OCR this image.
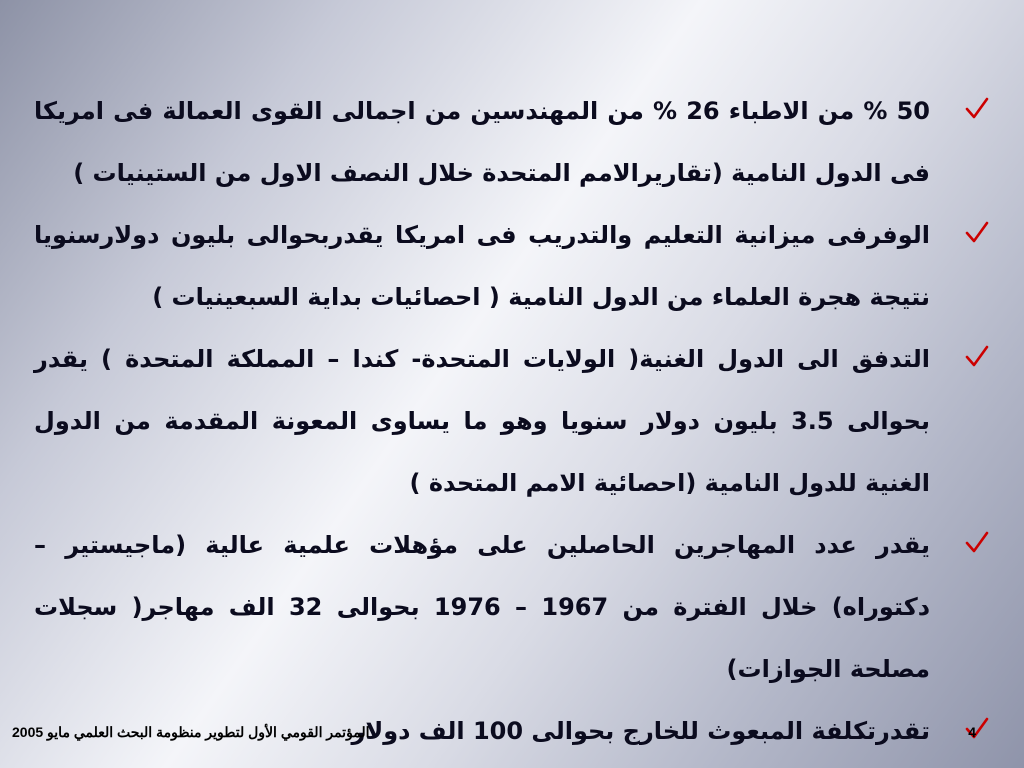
50 % من الاطباء 26 % من المهندسين من اجمالى القوى العمالة فى امريكا فى الدول النامية (تقاريرالامم المتحدة خلال النصف الاول من الستينيات )
الوفرفى ميزانية التعليم والتدريب فى امريكا يقدربحوالى بليون دولارسنويا نتيجة هجرة العلماء من الدول النامية ( احصائيات بداية السبعينيات )
التدفق الى الدول الغنية( الولايات المتحدة- كندا – المملكة المتحدة ) يقدر بحوالى 3.5 بليون دولار سنويا وهو ما يساوى المعونة المقدمة من الدول الغنية للدول النامية (احصائية الامم المتحدة )
يقدر عدد المهاجرين الحاصلين على مؤهلات علمية عالية (ماجيستير – دكتوراه) خلال الفترة من 1967 – 1976 بحوالى 32 الف مهاجر( سجلات مصلحة الجوازات)
تقدرتكلفة المبعوث للخارج بحوالى 100 الف دولار
المؤتمر القومي الأول لتطوير منظومة البحث العلمي مايو 2005	4
